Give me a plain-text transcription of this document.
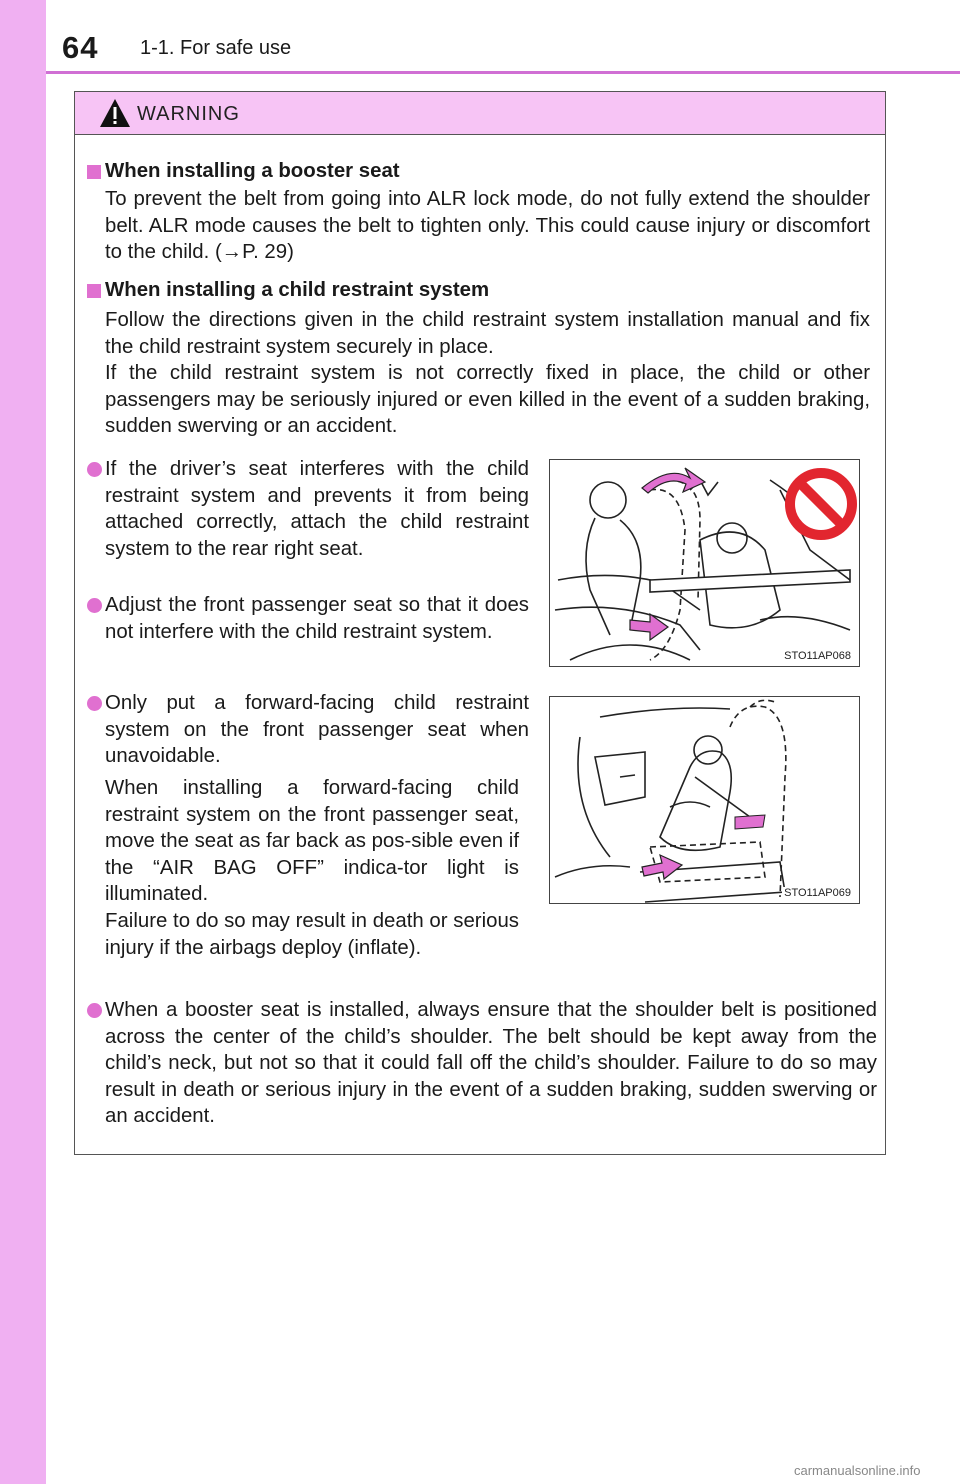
64 1-1. For safe use
WARNING

When installing a booster seat

To prevent the belt from going into ALR lock mode, do not fully extend the shoulder belt. ALR mode causes the belt to tighten only. This could cause injury or discomfort to the child. (→P. 29)

When installing a child restraint system

Follow the directions given in the child restraint system installation manual and fix the child restraint system securely in place.

If the child restraint system is not correctly fixed in place, the child or other passengers may be seriously injured or even killed in the event of a sudden braking, sudden swerving or an accident.

If the driver’s seat interferes with the child restraint system and prevents it from being attached correctly, attach the child restraint system to the rear right seat.

Adjust the front passenger seat so that it does not interfere with the child restraint system.

Only put a forward-facing child restraint system on the front passenger seat when unavoidable.

When installing a forward-facing child restraint system on the front passenger seat, move the seat as far back as pos-sible even if the “AIR BAG OFF” indica-tor light is illuminated.

Failure to do so may result in death or serious injury if the airbags deploy (inflate).

When a booster seat is installed, always ensure that the shoulder belt is positioned across the center of the child’s shoulder. The belt should be kept away from the child’s neck, but not so that it could fall off the child’s shoulder. Failure to do so may result in death or serious injury in the event of a sudden braking, sudden swerving or an accident.

STO11AP068
STO11AP069
carmanualsonline.info
